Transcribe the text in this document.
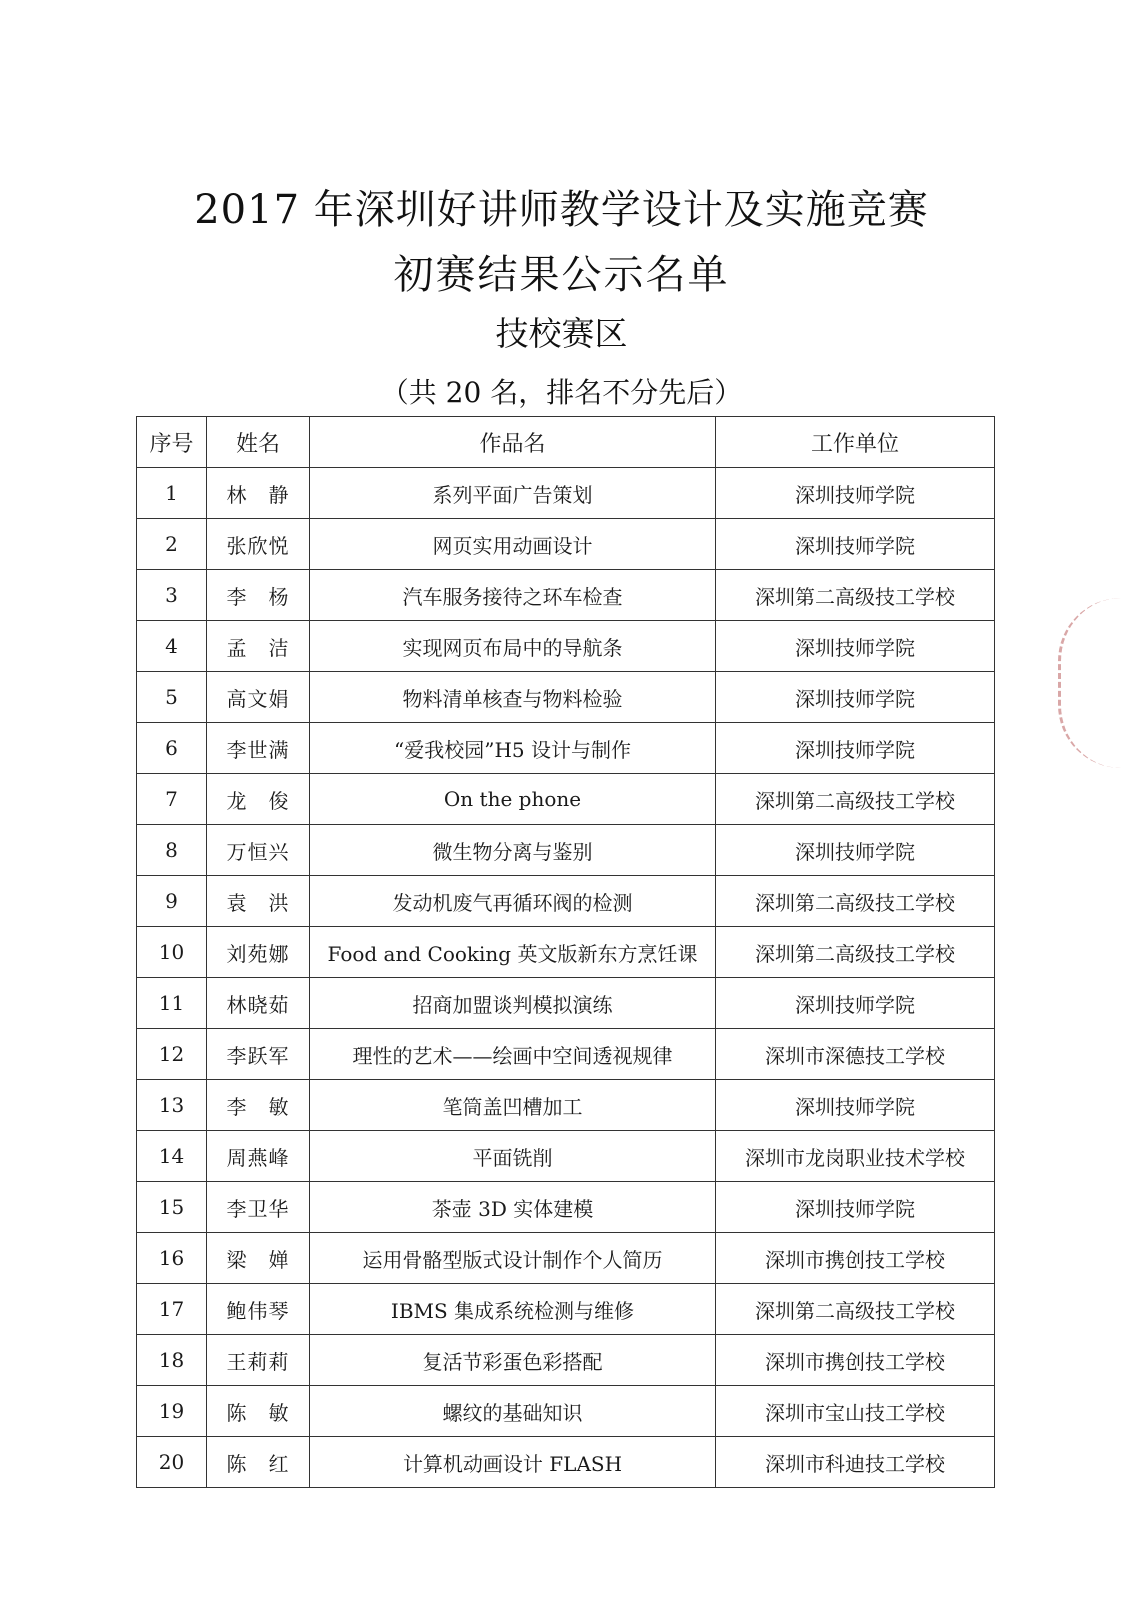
2017 年深圳好讲师教学设计及实施竞赛
初赛结果公示名单
技校赛区
（共 20 名，排名不分先后）
序号	姓名	作品名	工作单位
1	林　静	系列平面广告策划	深圳技师学院
2	张欣悦	网页实用动画设计	深圳技师学院
3	李　杨	汽车服务接待之环车检查	深圳第二高级技工学校
4	孟　洁	实现网页布局中的导航条	深圳技师学院
5	高文娟	物料清单核查与物料检验	深圳技师学院
6	李世满	“爱我校园”H5 设计与制作	深圳技师学院
7	龙　俊	On the phone	深圳第二高级技工学校
8	万恒兴	微生物分离与鉴别	深圳技师学院
9	袁　洪	发动机废气再循环阀的检测	深圳第二高级技工学校
10	刘苑娜	Food and Cooking 英文版新东方烹饪课	深圳第二高级技工学校
11	林晓茹	招商加盟谈判模拟演练	深圳技师学院
12	李跃军	理性的艺术——绘画中空间透视规律	深圳市深德技工学校
13	李　敏	笔筒盖凹槽加工	深圳技师学院
14	周燕峰	平面铣削	深圳市龙岗职业技术学校
15	李卫华	茶壶 3D 实体建模	深圳技师学院
16	梁　婵	运用骨骼型版式设计制作个人简历	深圳市携创技工学校
17	鲍伟琴	IBMS 集成系统检测与维修	深圳第二高级技工学校
18	王莉莉	复活节彩蛋色彩搭配	深圳市携创技工学校
19	陈　敏	螺纹的基础知识	深圳市宝山技工学校
20	陈　红	计算机动画设计 FLASH	深圳市科迪技工学校
